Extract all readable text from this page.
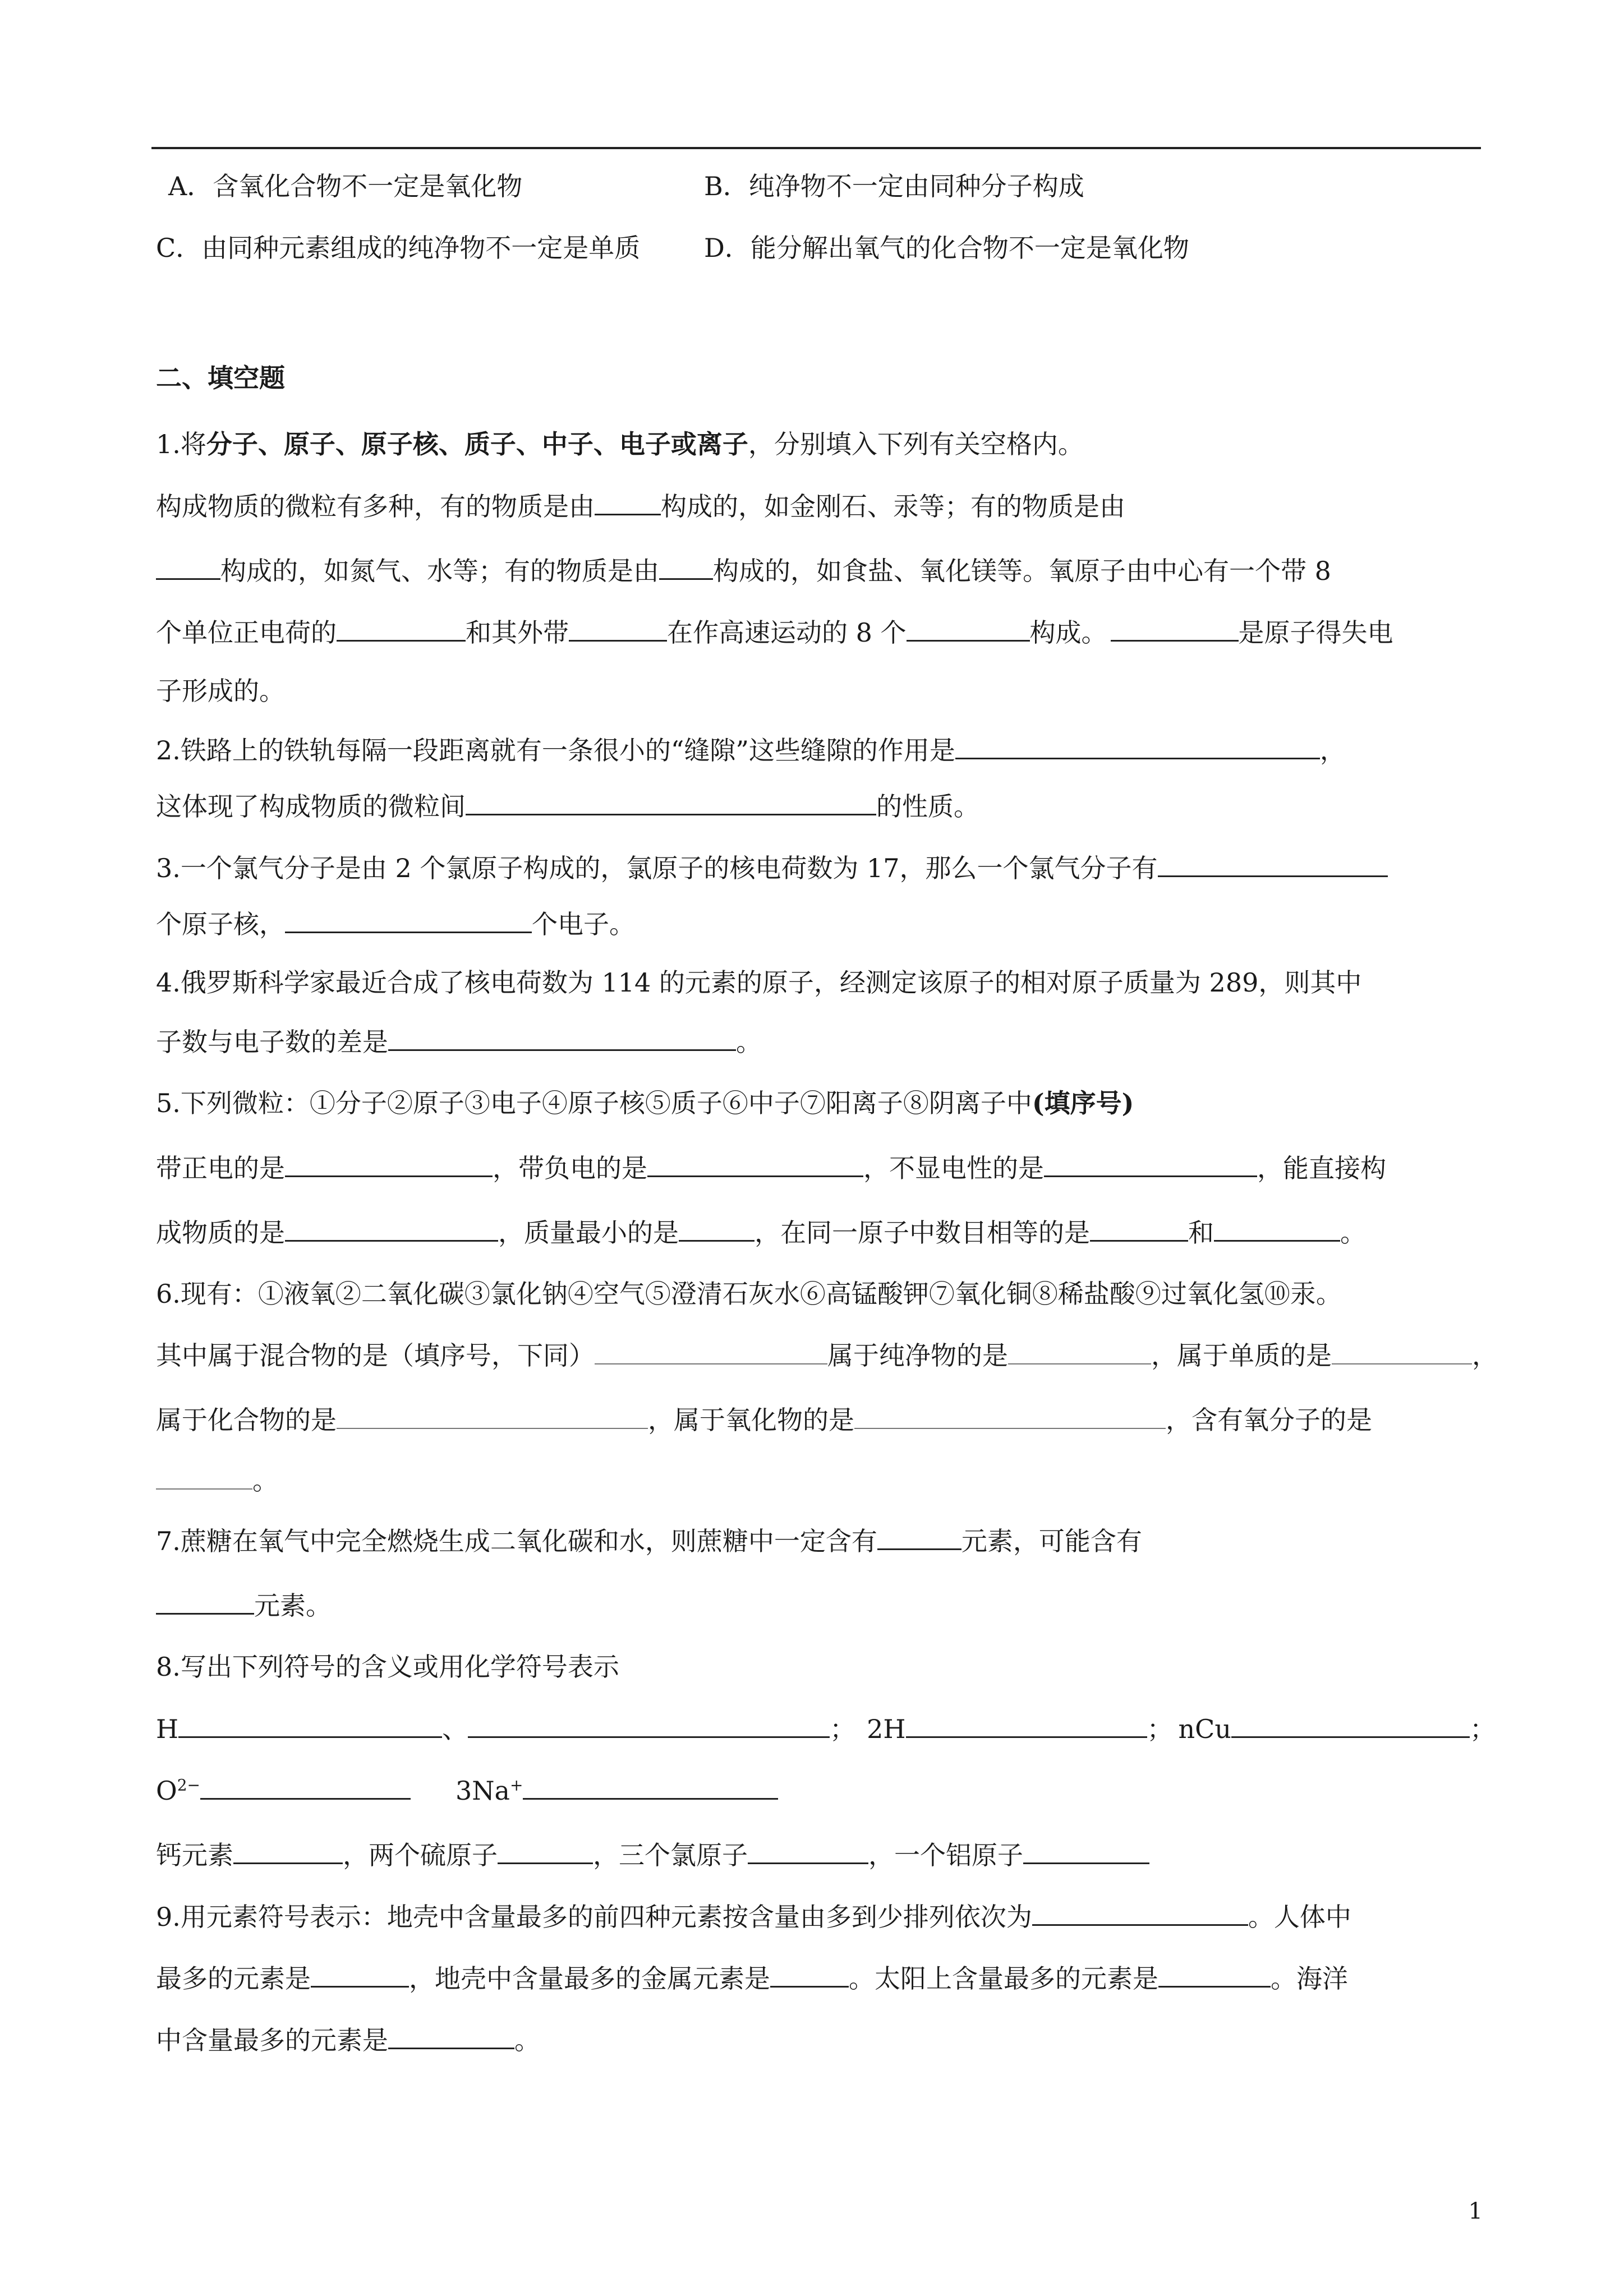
A．含氧化合物不一定是氧化物	B．纯净物不一定由同种分子构成
C．由同种元素组成的纯净物不一定是单质 D．能分解出氧气的化合物不一定是氧化物
二、填空题
1.将分子、原子、原子核、质子、中子、电子或离子，分别填入下列有关空格内。
构成物质的微粒有多种，有的物质是由	构成的，如金刚石、汞等；有的物质是由
构成的，如氮气、水等；有的物质是由 构成的，如食盐、氧化镁等。氧原子由中心有一个带 8
个单位正电荷的	和其外带	在作高速运动的 8 个	构成。	是原子得失电
子形成的。
2.铁路上的铁轨每隔一段距离就有一条很小的“缝隙”这些缝隙的作用是	，
这体现了构成物质的微粒间	的性质。
3.一个氯气分子是由 2 个氯原子构成的，氯原子的核电荷数为 17，那么一个氯气分子有
个原子核，	个电子。
4.俄罗斯科学家最近合成了核电荷数为 114 的元素的原子，经测定该原子的相对原子质量为 289，则其中
子数与电子数的差是	。
5.下列微粒：①分子②原子③电子④原子核⑤质子⑥中子⑦阳离子⑧阴离子中(填序号)
带正电的是	，带负电的是	，不显电性的是	，能直接构
成物质的是	，质量最小的是	，在同一原子中数目相等的是	和	。
6.现有：①液氧②二氧化碳③氯化钠④空气⑤澄清石灰水⑥高锰酸钾⑦氧化铜⑧稀盐酸⑨过氧化氢⑩汞。
其中属于混合物的是（填序号，下同）	属于纯净物的是	，属于单质的是	，
属于化合物的是	，属于氧化物的是	，含有氧分子的是
。
7.蔗糖在氧气中完全燃烧生成二氧化碳和水，则蔗糖中一定含有	元素，可能含有
元素。
8.写出下列符号的含义或用化学符号表示
H	、	； 2H	； nCu	；
$O^{2-}$	3Na+
钙元素	，两个硫原子	，三个氯原子	，一个铝原子
9.用元素符号表示：地壳中含量最多的前四种元素按含量由多到少排列依次为	。人体中
最多的元素是	，地壳中含量最多的金属元素是	。太阳上含量最多的元素是	。海洋
中含量最多的元素是	。
1
